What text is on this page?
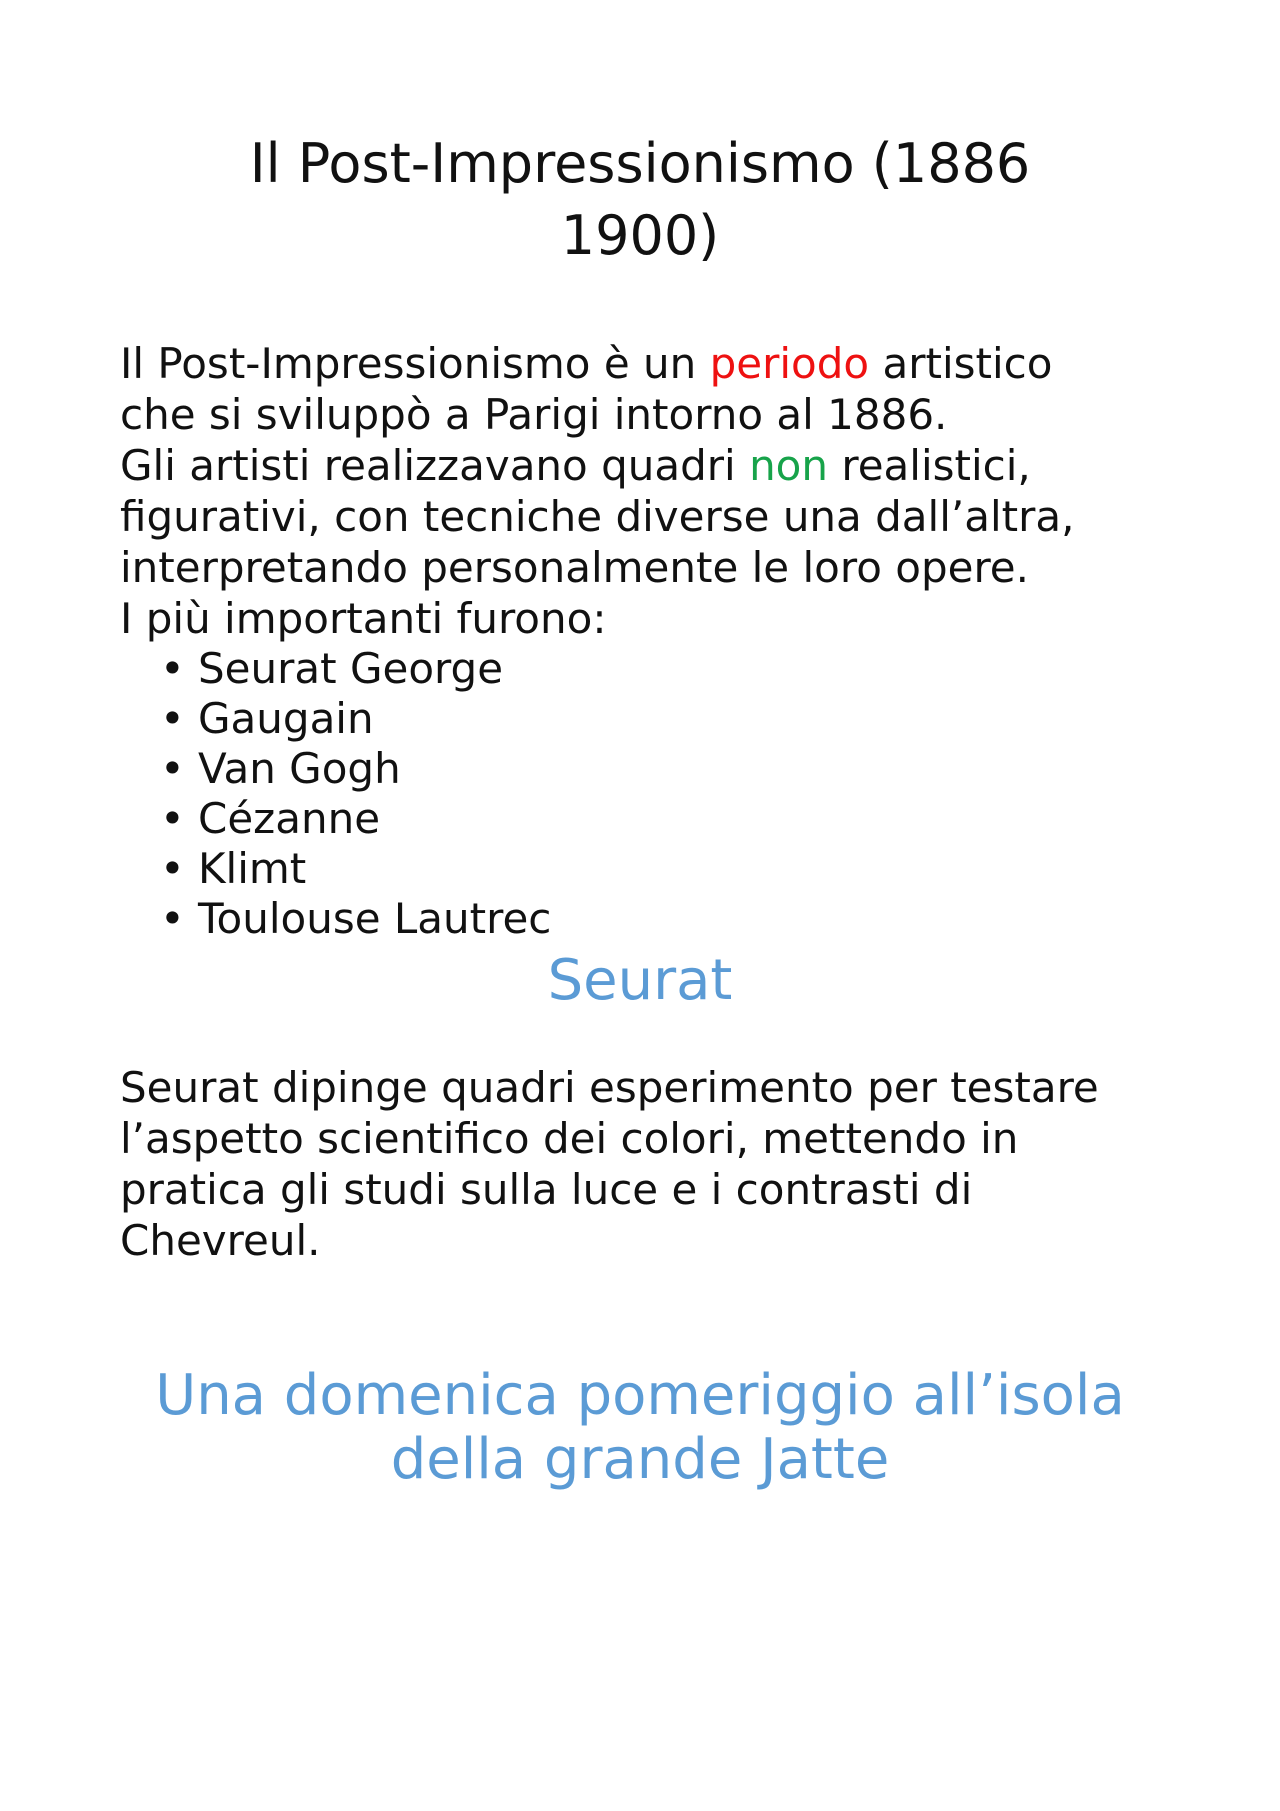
Il Post-Impressionismo (1886
1900)

Il Post-Impressionismo è un periodo artistico
che si sviluppò a Parigi intorno al 1886.
Gli artisti realizzavano quadri non realistici,
figurativi, con tecniche diverse una dall’altra,
interpretando personalmente le loro opere.
I più importanti furono:

• Seurat George
• Gaugain
• Van Gogh
• Cézanne
• Klimt
• Toulouse Lautrec
Seurat

Seurat dipinge quadri esperimento per testare
l’aspetto scientifico dei colori, mettendo in
pratica gli studi sulla luce e i contrasti di
Chevreul.

Una domenica pomeriggio all’isola
della grande Jatte
